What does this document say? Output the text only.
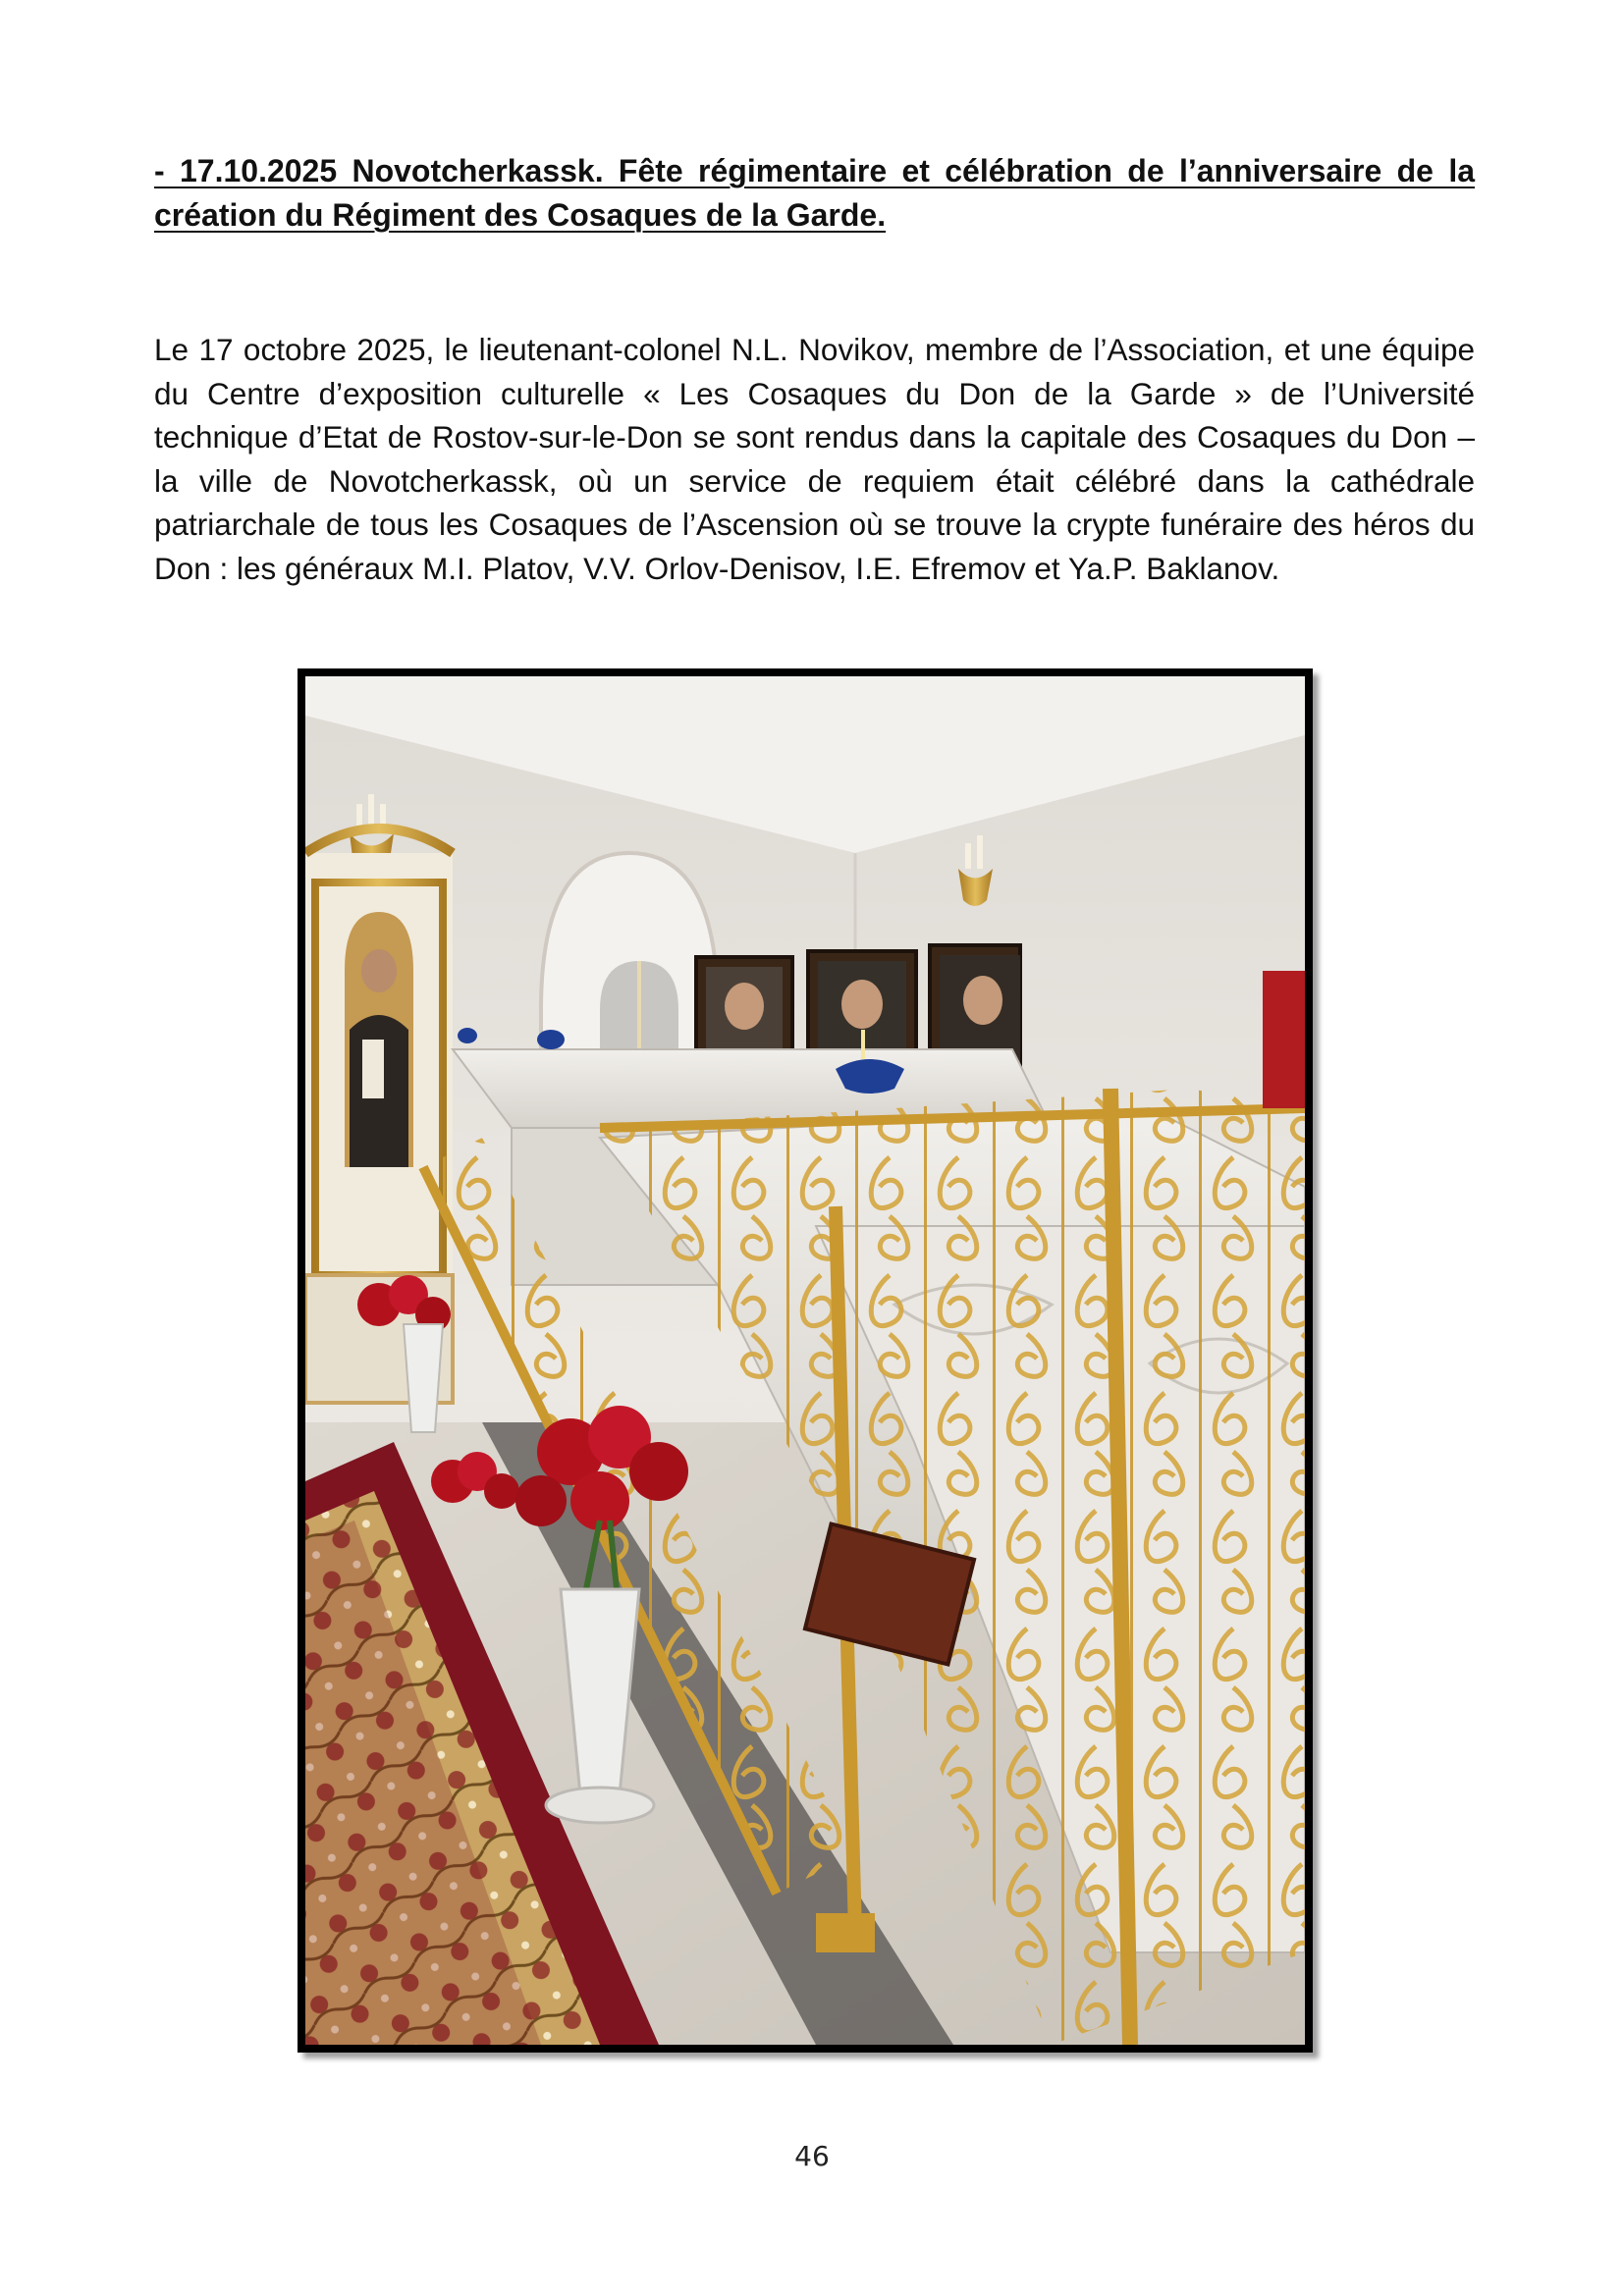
- 17.10.2025 Novotcherkassk. Fête régimentaire et célébration de l’anniversaire de la création du Régiment des Cosaques de la Garde.

Le 17 octobre 2025, le lieutenant-colonel N.L. Novikov, membre de l’Association, et une équipe du Centre d’exposition culturelle « Les Cosaques du Don de la Garde » de l’Université technique d’Etat de Rostov-sur-le-Don se sont rendus dans la capitale des Cosaques du Don – la ville de Novotcherkassk, où un service de requiem était célébré dans la cathédrale patriarchale de tous les Cosaques de l’Ascension où se trouve la crypte funéraire des héros du Don : les généraux M.I. Platov, V.V. Orlov-Denisov, I.E. Efremov et Ya.P. Baklanov.

46
